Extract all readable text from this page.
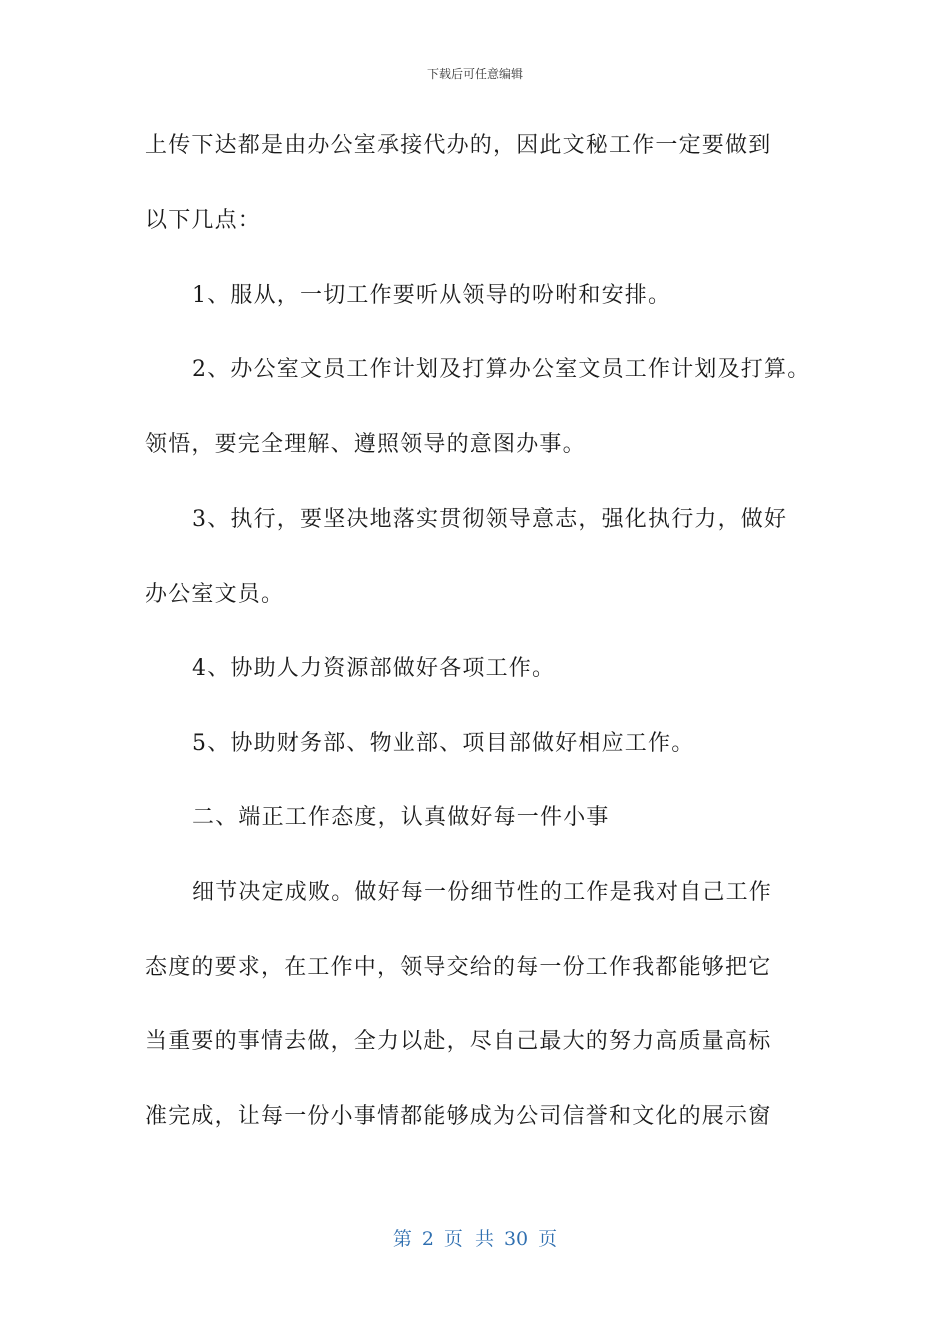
下载后可任意编辑
上传下达都是由办公室承接代办的，因此文秘工作一定要做到
以下几点：
1、服从，一切工作要听从领导的吩咐和安排。
2、办公室文员工作计划及打算办公室文员工作计划及打算。
领悟，要完全理解、遵照领导的意图办事。
3、执行，要坚决地落实贯彻领导意志，强化执行力，做好
办公室文员。
4、协助人力资源部做好各项工作。
5、协助财务部、物业部、项目部做好相应工作。
二、端正工作态度，认真做好每一件小事
细节决定成败。做好每一份细节性的工作是我对自己工作
态度的要求，在工作中，领导交给的每一份工作我都能够把它
当重要的事情去做，全力以赴，尽自己最大的努力高质量高标
准完成，让每一份小事情都能够成为公司信誉和文化的展示窗
第 2 页 共 30 页
